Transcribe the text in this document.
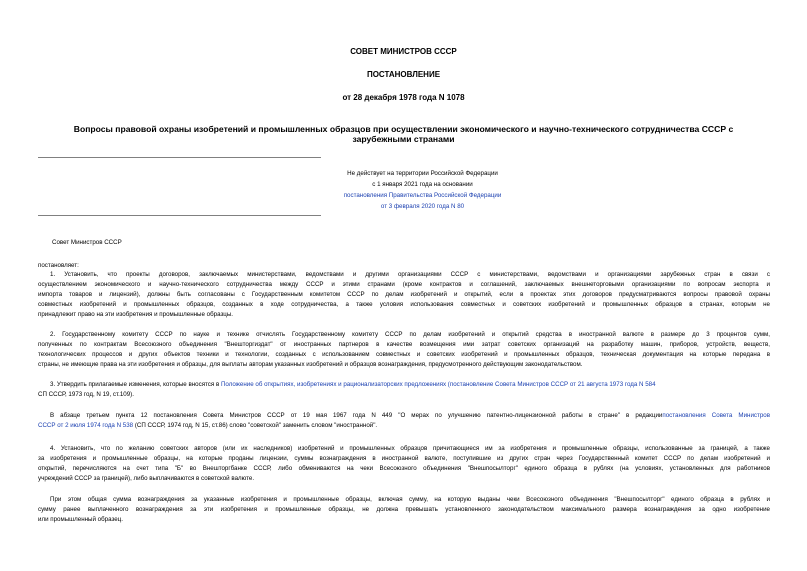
СОВЕТ МИНИСТРОВ СССР
ПОСТАНОВЛЕНИЕ
от 28 декабря 1978 года N 1078
Вопросы правовой охраны изобретений и промышленных образцов при осуществлении экономического и научно-технического сотрудничества СССР с
зарубежными странами
Не действует на территории Российской Федерации
с 1 января 2021 года на основании
постановления Правительства Российской Федерации
от 3 февраля 2020 года N 80
Совет Министров СССР
постановляет:
1. Установить, что проекты договоров, заключаемых министерствами, ведомствами и другими организациями СССР с министерствами, ведомствами и организациями зарубежных стран в связи с
осуществлением экономического и научно-технического сотрудничества между СССР и этими странами (кроме контрактов и соглашений, заключаемых внешнеторговыми организациями по вопросам экспорта и
импорта товаров и лицензий), должны быть согласованы с Государственным комитетом СССР по делам изобретений и открытий, если в проектах этих договоров предусматриваются вопросы правовой охраны
совместных изобретений и промышленных образцов, созданных в ходе сотрудничества, а также условия использования совместных и советских изобретений и промышленных образцов в странах, которым не
принадлежит право на эти изобретения и промышленные образцы.
2. Государственному комитету СССР по науке и технике отчислять Государственному комитету СССР по делам изобретений и открытий средства в иностранной валюте в размере до 3 процентов сумм,
полученных по контрактам Всесоюзного объединения "Внешторгиздат" от иностранных партнеров в качестве возмещения ими затрат советских организаций на разработку машин, приборов, устройств, веществ,
технологических процессов и других объектов техники и технологии, созданных с использованием совместных и советских изобретений и промышленных образцов, техническая документация на которые передана в
страны, не имеющие права на эти изобретения и образцы, для выплаты авторам указанных изобретений и образцов вознаграждения, предусмотренного действующим законодательством.
3. Утвердить прилагаемые изменения, которые вносятся в Положение об открытиях, изобретениях и рационализаторских предложениях (постановление Совета Министров СССР от 21 августа 1973 года N 584
СП СССР, 1973 год, N 19, ст.109).
В абзаце третьем пункта 12 постановления Совета Министров СССР от 19 мая 1967 года N 449 "О мерах по улучшению патентно-лицензионной работы в стране" в редакциипостановления Совета Министров
СССР от 2 июля 1974 года N 538 (СП СССР, 1974 год, N 15, ст.86) слово "советской" заменить словом "иностранной".
4. Установить, что по желанию советских авторов (или их наследников) изобретений и промышленных образцов причитающиеся им за изобретения и промышленные образцы, использованные за границей, а также
за изобретения и промышленные образцы, на которые проданы лицензии, суммы вознаграждения в иностранной валюте, поступившие из других стран через Государственный комитет СССР по делам изобретений и
открытий, перечисляются на счет типа "Б" во Внешторгбанке СССР, либо обмениваются на чеки Всесоюзного объединения "Внешпосылторг" единого образца в рублях (на условиях, установленных для работников
учреждений СССР за границей), либо выплачиваются в советской валюте.
При этом общая сумма вознаграждения за указанные изобретения и промышленные образцы, включая сумму, на которую выданы чеки Всесоюзного объединения "Внешпосылторг" единого образца в рублях и
сумму ранее выплаченного вознаграждения за эти изобретения и промышленные образцы, не должна превышать установленного законодательством максимального размера вознаграждения за одно изобретение
или промышленный образец.
